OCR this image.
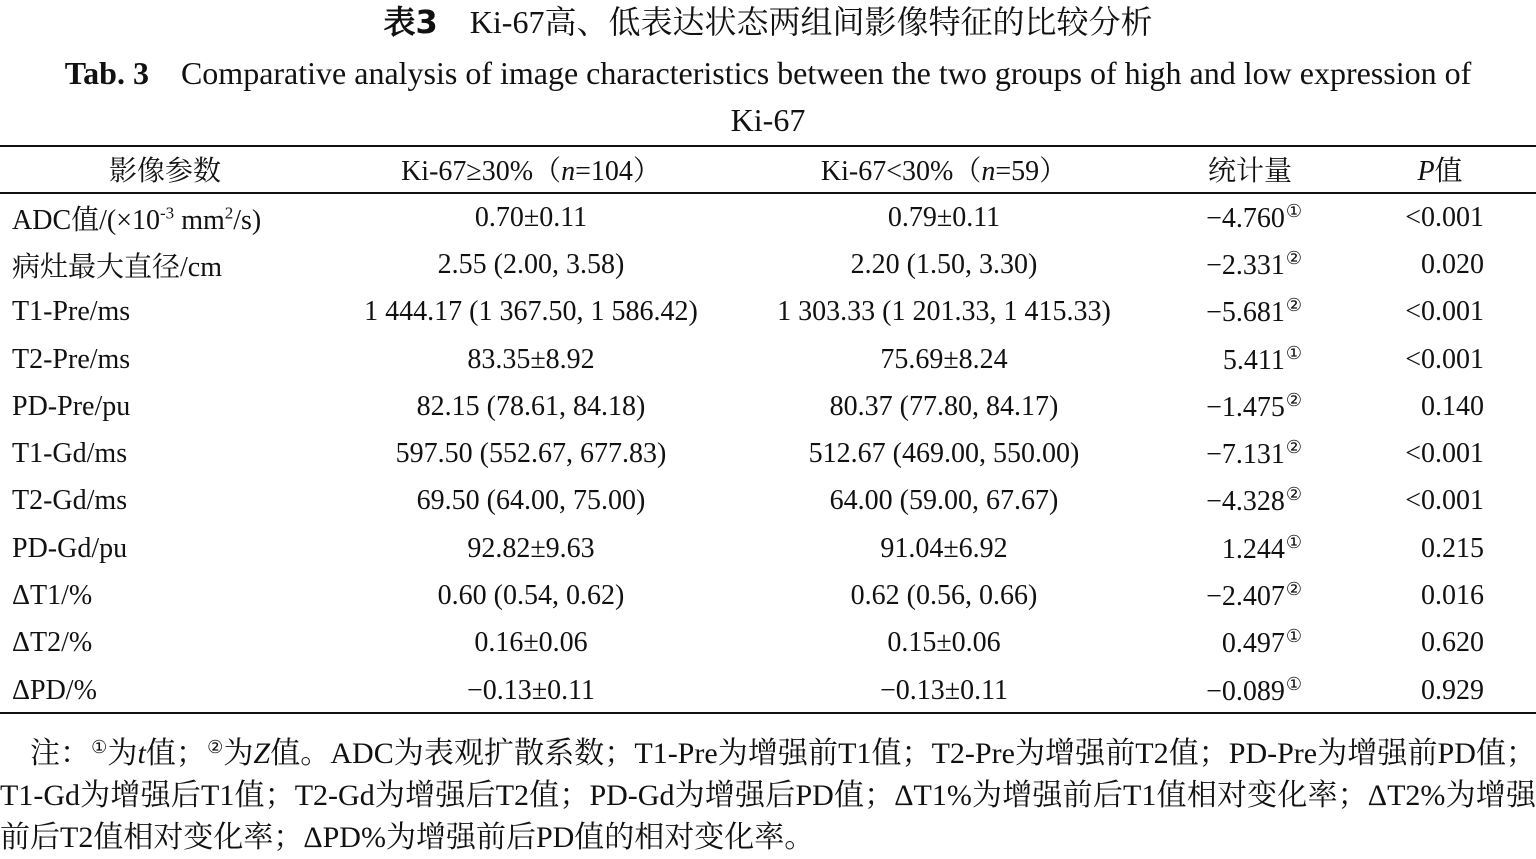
表3 Ki-67高、低表达状态两组间影像特征的比较分析
Tab. 3 Comparative analysis of image characteristics between the two groups of high and low expression of Ki-67
影像参数	Ki-67≥30%（n=104）	Ki-67<30%（n=59）	统计量	P值
ADC值$/(\times 10^{-3}$ $mm^2/s$)	0.70±0.11	0.79±0.11	−4.760①	<0.001
病灶最大直径/cm	2.55 (2.00, 3.58)	2.20 (1.50, 3.30)	−2.331②	0.020
T1-Pre/ms	1 444.17 (1 367.50, 1 586.42)	1 303.33 (1 201.33, 1 415.33)	−5.681②	<0.001
T2-Pre/ms	83.35±8.92	75.69±8.24	5.411①	<0.001
PD-Pre/pu	82.15 (78.61, 84.18)	80.37 (77.80, 84.17)	−1.475②	0.140
T1-Gd/ms	597.50 (552.67, 677.83)	512.67 (469.00, 550.00)	−7.131②	<0.001
T2-Gd/ms	69.50 (64.00, 75.00)	64.00 (59.00, 67.67)	−4.328②	<0.001
PD-Gd/pu	92.82±9.63	91.04±6.92	1.244①	0.215
ΔT1/%	0.60 (0.54, 0.62)	0.62 (0.56, 0.66)	−2.407②	0.016
ΔT2/%	0.16±0.06	0.15±0.06	0.497①	0.620
ΔPD/%	−0.13±0.11	−0.13±0.11	−0.089①	0.929
注：①为t值；②为Z值。ADC为表观扩散系数；T1-Pre为增强前T1值；T2-Pre为增强前T2值；PD-Pre为增强前PD值；T1-Gd为增强后T1值；T2-Gd为增强后T2值；PD-Gd为增强后PD值；ΔT1%为增强前后T1值相对变化率；ΔT2%为增强前后T2值相对变化率；ΔPD%为增强前后PD值的相对变化率。
